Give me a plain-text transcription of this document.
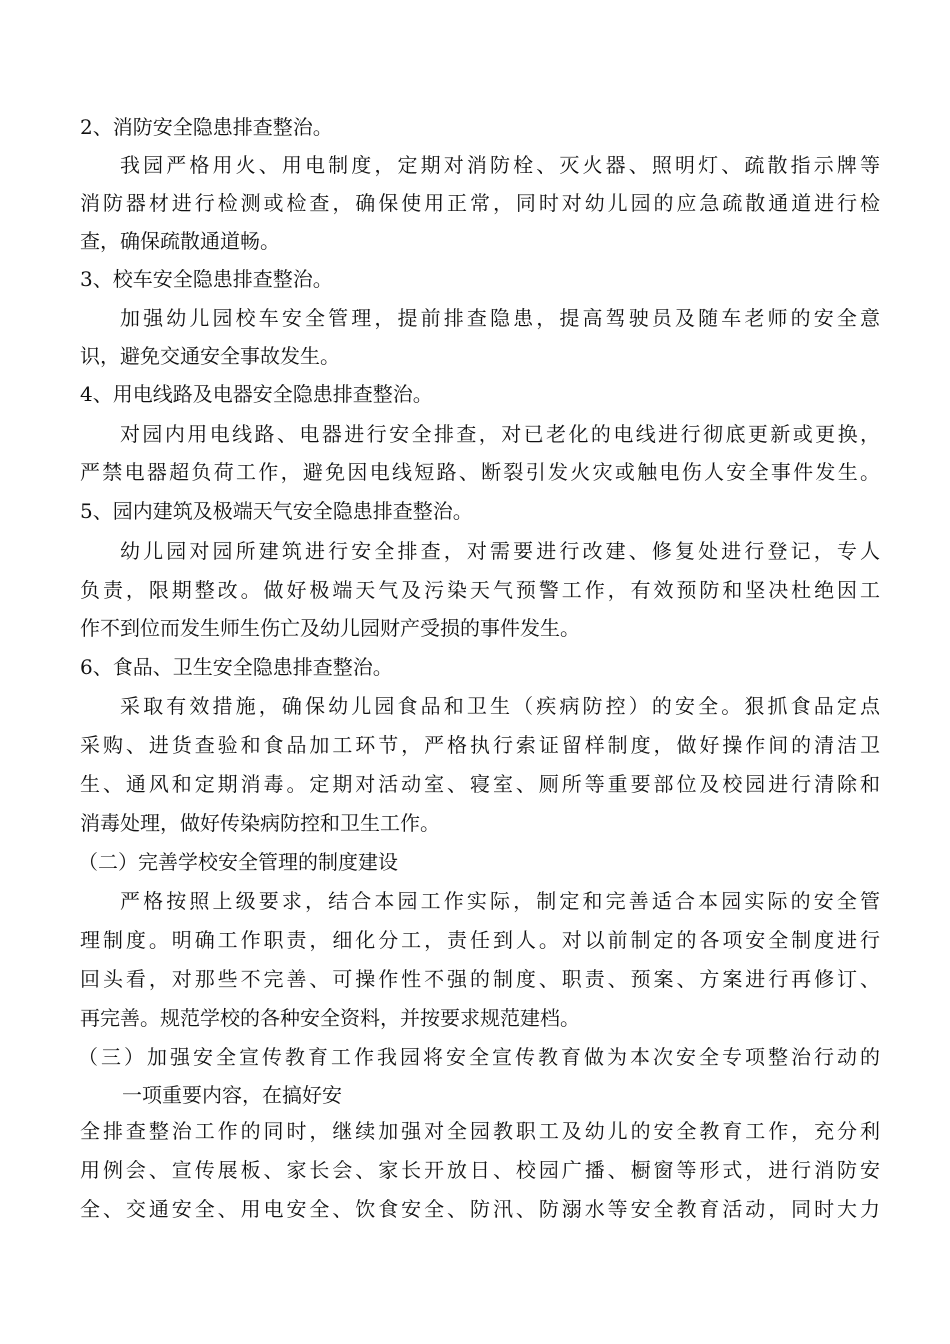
2、消防安全隐患排查整治。
我园严格用火、用电制度，定期对消防栓、灭火器、照明灯、疏散指示牌等
消防器材进行检测或检查，确保使用正常，同时对幼儿园的应急疏散通道进行检
查，确保疏散通道畅。
3、校车安全隐患排查整治。
加强幼儿园校车安全管理，提前排查隐患，提高驾驶员及随车老师的安全意
识，避免交通安全事故发生。
4、用电线路及电器安全隐患排查整治。
对园内用电线路、电器进行安全排查，对已老化的电线进行彻底更新或更换，
严禁电器超负荷工作，避免因电线短路、断裂引发火灾或触电伤人安全事件发生。
5、园内建筑及极端天气安全隐患排查整治。
幼儿园对园所建筑进行安全排查，对需要进行改建、修复处进行登记，专人
负责，限期整改。做好极端天气及污染天气预警工作，有效预防和坚决杜绝因工
作不到位而发生师生伤亡及幼儿园财产受损的事件发生。
6、食品、卫生安全隐患排查整治。
采取有效措施，确保幼儿园食品和卫生（疾病防控）的安全。狠抓食品定点
采购、进货查验和食品加工环节，严格执行索证留样制度，做好操作间的清洁卫
生、通风和定期消毒。定期对活动室、寝室、厕所等重要部位及校园进行清除和
消毒处理，做好传染病防控和卫生工作。
（二）完善学校安全管理的制度建设
严格按照上级要求，结合本园工作实际，制定和完善适合本园实际的安全管
理制度。明确工作职责，细化分工，责任到人。对以前制定的各项安全制度进行
回头看，对那些不完善、可操作性不强的制度、职责、预案、方案进行再修订、
再完善。规范学校的各种安全资料，并按要求规范建档。
（三）加强安全宣传教育工作我园将安全宣传教育做为本次安全专项整治行动的
一项重要内容，在搞好安
全排查整治工作的同时，继续加强对全园教职工及幼儿的安全教育工作，充分利
用例会、宣传展板、家长会、家长开放日、校园广播、橱窗等形式，进行消防安
全、交通安全、用电安全、饮食安全、防汛、防溺水等安全教育活动，同时大力
